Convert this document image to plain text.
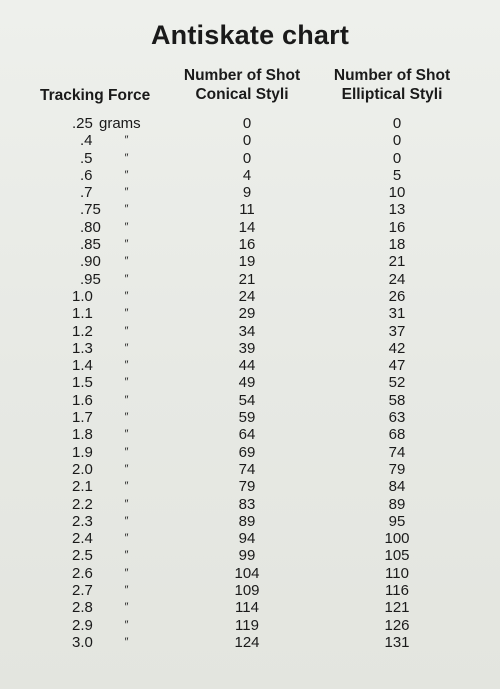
Antiskate chart
Tracking Force
Number of Shot
Conical Styli
Number of Shot
Elliptical Styli
.25 grams	0	0
.4	″	0	0
.5	″	0	0
.6	″	4	5
.7	″	9	10
.75	″	11	13
.80	″	14	16
.85	″	16	18
.90	″	19	21
.95	″	21	24
1.0	″	24	26
1.1	″	29	31
1.2	″	34	37
1.3	″	39	42
1.4	″	44	47
1.5	″	49	52
1.6	″	54	58
1.7	″	59	63
1.8	″	64	68
1.9	″	69	74
2.0	″	74	79
2.1	″	79	84
2.2	″	83	89
2.3	″	89	95
2.4	″	94	100
2.5	″	99	105
2.6	″	104	110
2.7	″	109	116
2.8	″	114	121
2.9	″	119	126
3.0	″	124	131
